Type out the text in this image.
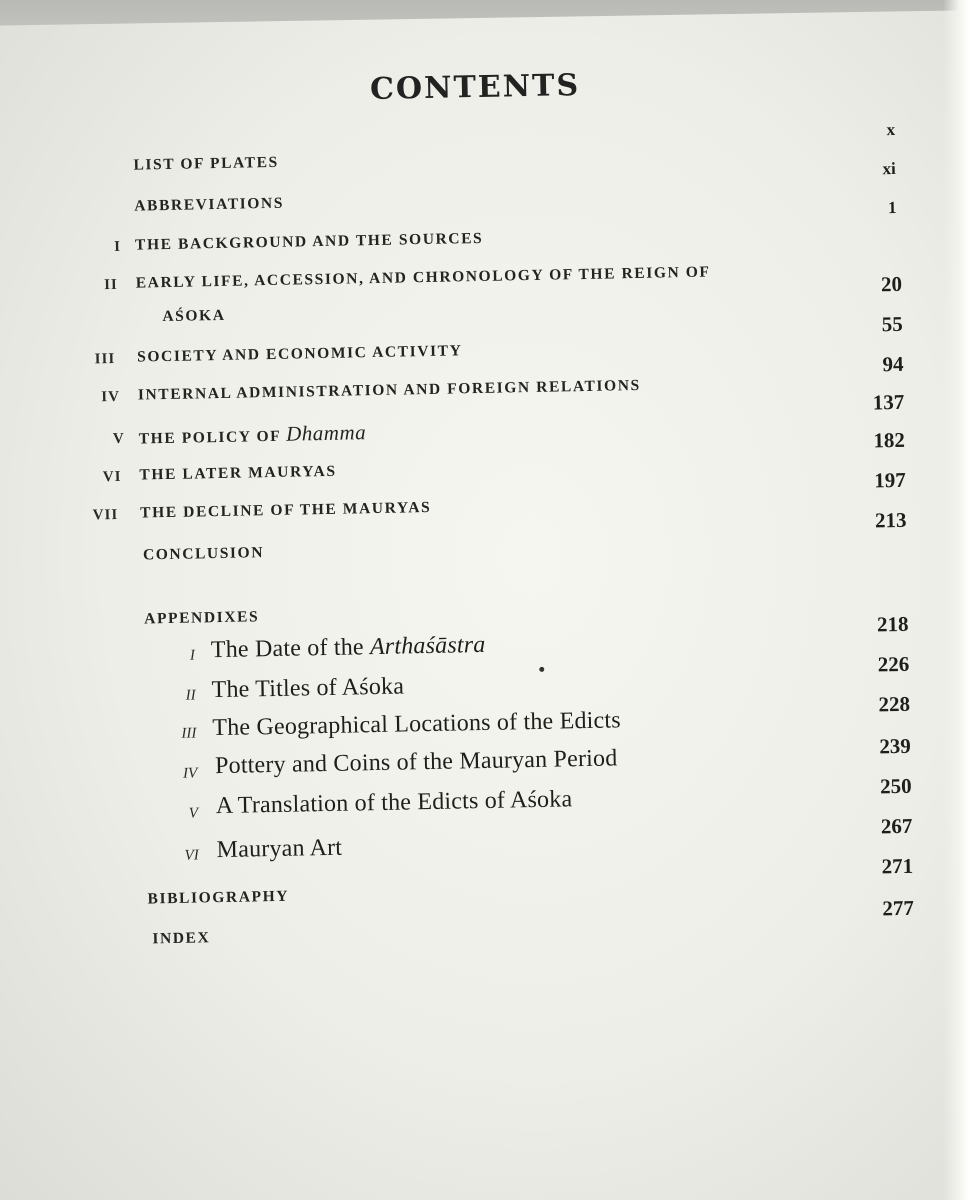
CONTENTS
LIST OF PLATES
x
ABBREVIATIONS
xi
I THE BACKGROUND AND THE SOURCES
1
II EARLY LIFE, ACCESSION, AND CHRONOLOGY OF THE REIGN OF
AŚOKA
20
III SOCIETY AND ECONOMIC ACTIVITY
55
IV INTERNAL ADMINISTRATION AND FOREIGN RELATIONS
94
V THE POLICY OF Dhamma
137
VI THE LATER MAURYAS
182
VII THE DECLINE OF THE MAURYAS
197
CONCLUSION
213
APPENDIXES
I The Date of the Arthaśāstra
218
II The Titles of Aśoka
226
III The Geographical Locations of the Edicts
228
IV Pottery and Coins of the Mauryan Period	239
V A Translation of the Edicts of Aśoka
250
VI Mauryan Art
267
BIBLIOGRAPHY
271
INDEX
277
